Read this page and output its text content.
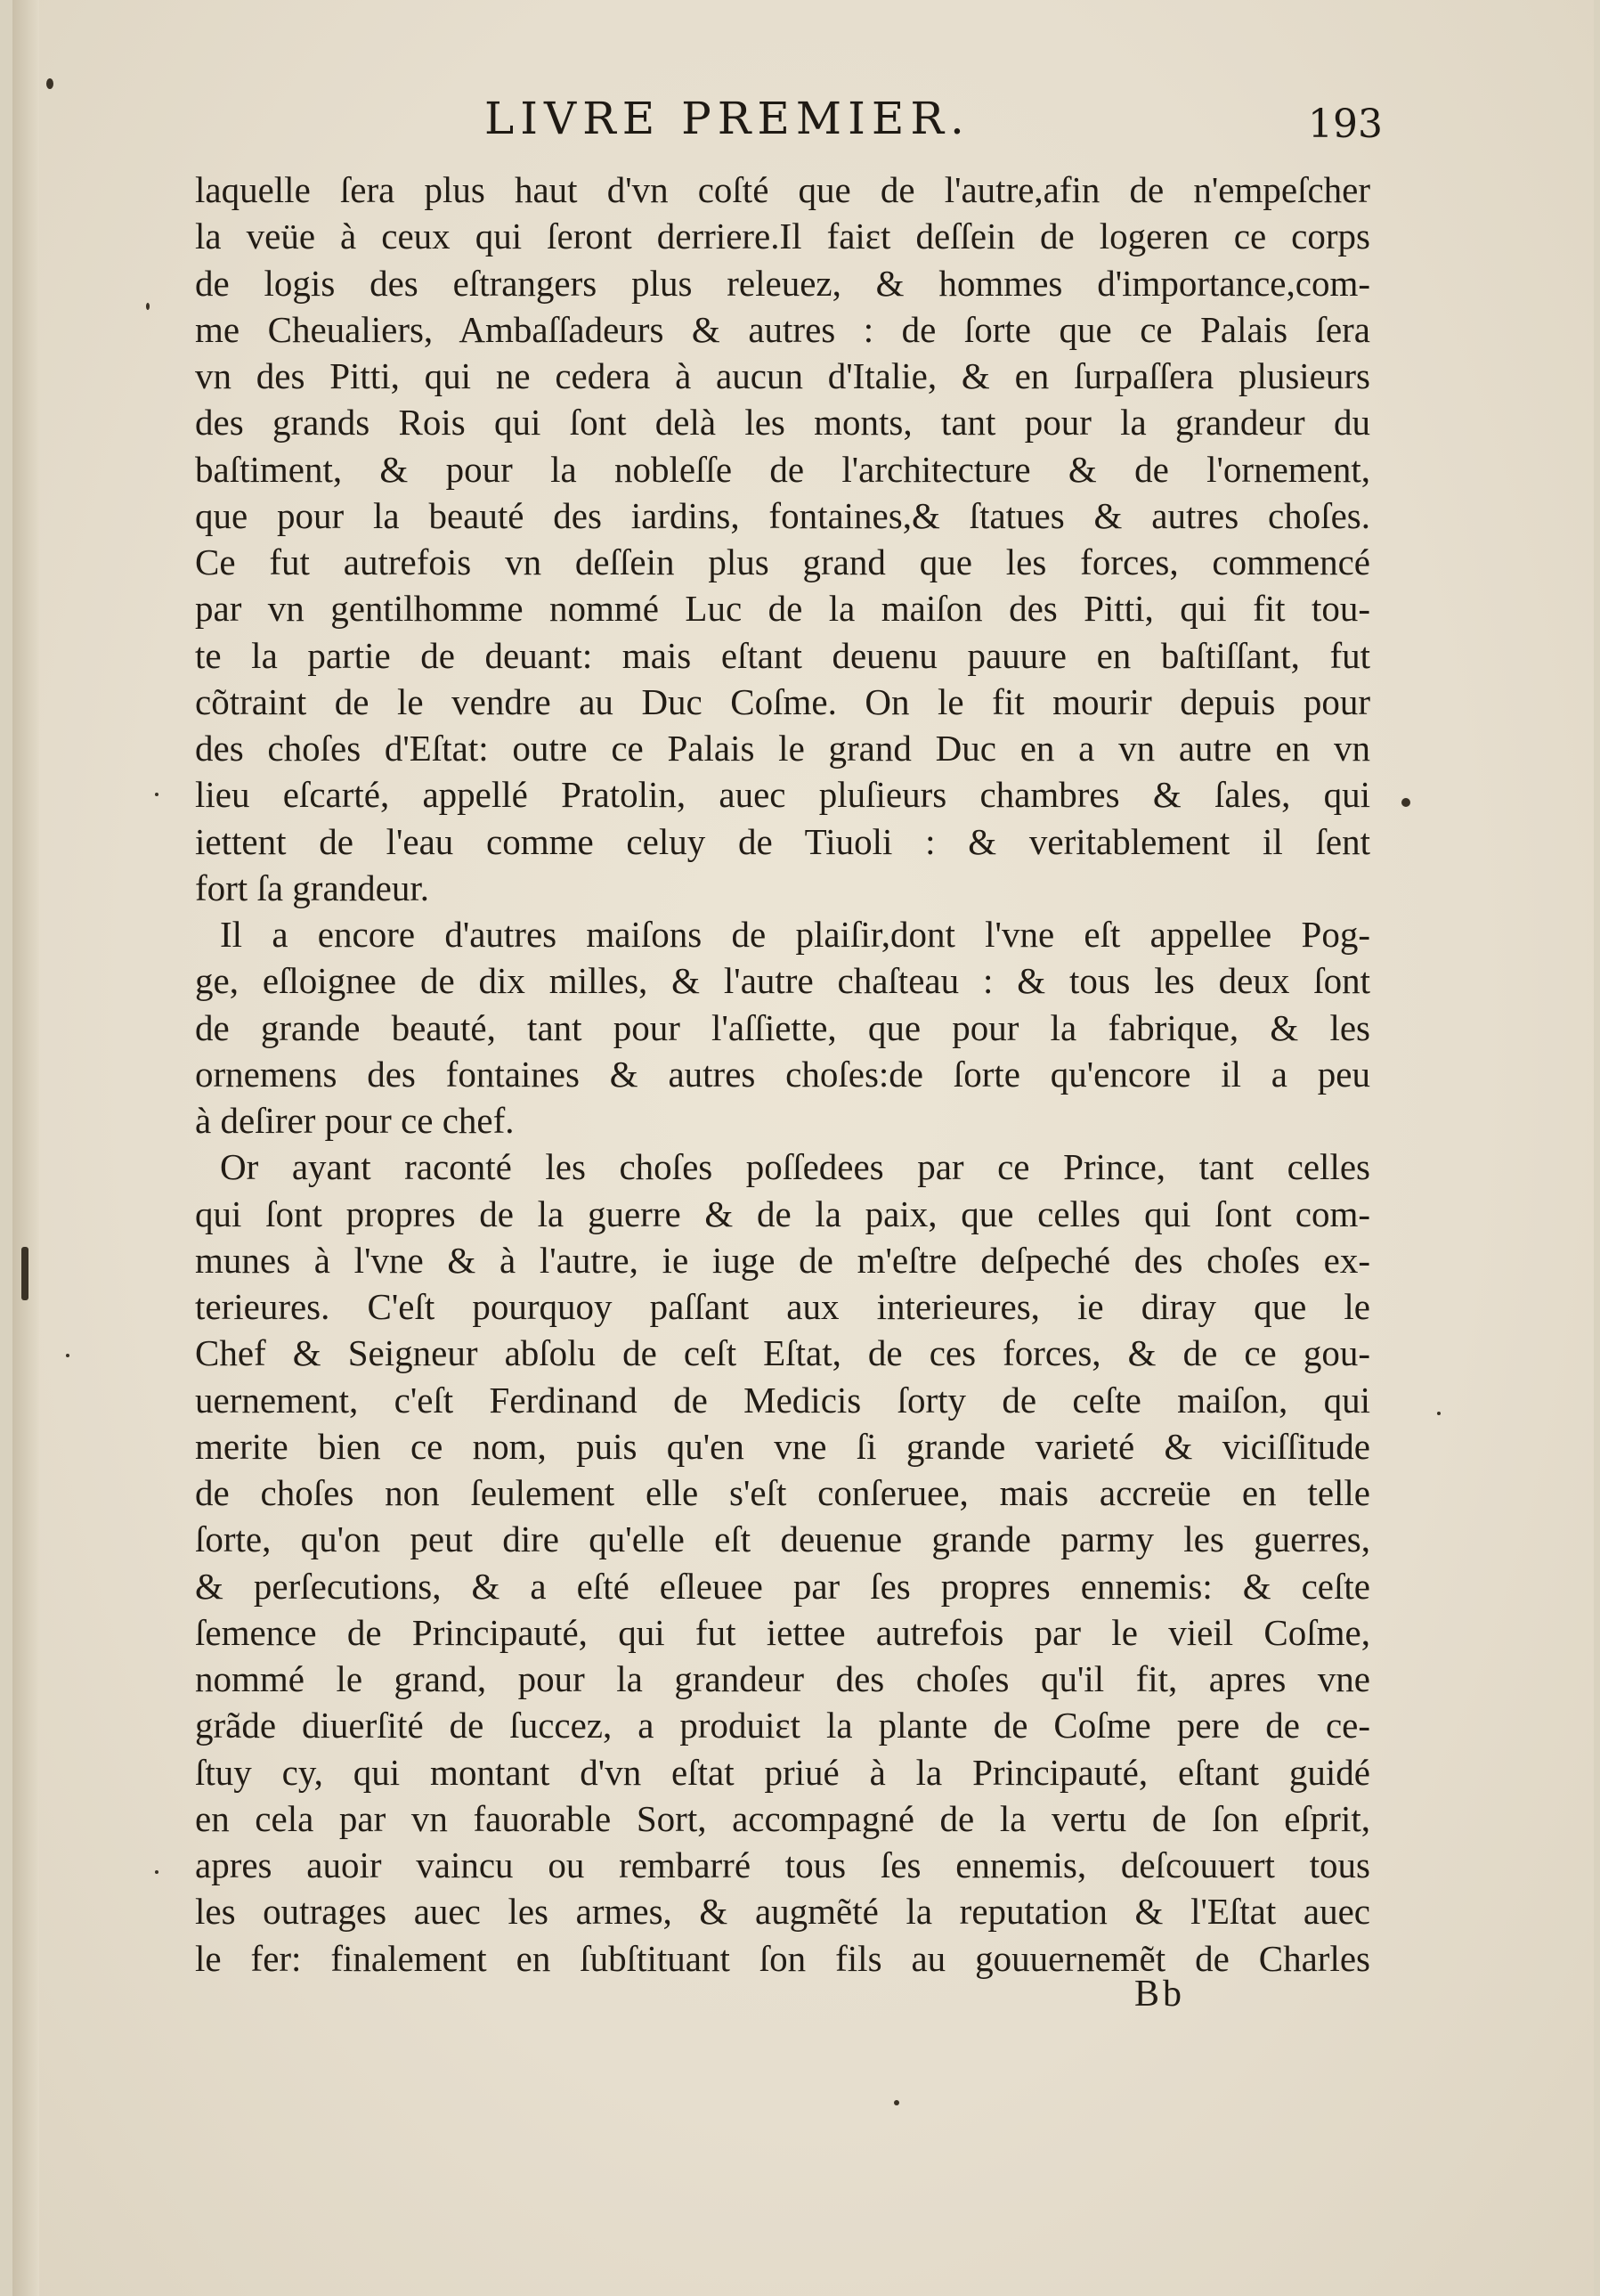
LIVRE PREMIER.	193
laquelle ſera plus haut d'vn coſté que de l'autre,afin de n'empeſcher
la veüe à ceux qui ſeront derriere.Il faiɛt deſſein de logeren ce corps
de logis des eſtrangers plus releuez, & hommes d'importance,com-
me Cheualiers, Ambaſſadeurs & autres : de ſorte que ce Palais ſera
vn des Pitti, qui ne cedera à aucun d'Italie, & en ſurpaſſera plusieurs
des grands Rois qui ſont delà les monts, tant pour la grandeur du
baſtiment, & pour la nobleſſe de l'architecture & de l'ornement,
que pour la beauté des iardins, fontaines,& ſtatues & autres choſes.
Ce fut autrefois vn deſſein plus grand que les forces, commencé
par vn gentilhomme nommé Luc de la maiſon des Pitti, qui fit tou-
te la partie de deuant: mais eſtant deuenu pauure en baſtiſſant, fut
cõtraint de le vendre au Duc Coſme. On le fit mourir depuis pour
des choſes d'Eſtat: outre ce Palais le grand Duc en a vn autre en vn
lieu eſcarté, appellé Pratolin, auec pluſieurs chambres & ſales, qui
iettent de l'eau comme celuy de Tiuoli : & veritablement il ſent
fort ſa grandeur.
Il a encore d'autres maiſons de plaiſir,dont l'vne eſt appellee Pog-
ge, eſloignee de dix milles, & l'autre chaſteau : & tous les deux ſont
de grande beauté, tant pour l'aſſiette, que pour la fabrique, & les
ornemens des fontaines & autres choſes:de ſorte qu'encore il a peu
à deſirer pour ce chef.
Or ayant raconté les choſes poſſedees par ce Prince, tant celles
qui ſont propres de la guerre & de la paix, que celles qui ſont com-
munes à l'vne & à l'autre, ie iuge de m'eſtre deſpeché des choſes ex-
terieures. C'eſt pourquoy paſſant aux interieures, ie diray que le
Chef & Seigneur abſolu de ceſt Eſtat, de ces forces, & de ce gou-
uernement, c'eſt Ferdinand de Medicis ſorty de ceſte maiſon, qui
merite bien ce nom, puis qu'en vne ſi grande varieté & viciſſitude
de choſes non ſeulement elle s'eſt conſeruee, mais accreüe en telle
ſorte, qu'on peut dire qu'elle eſt deuenue grande parmy les guerres,
& perſecutions, & a eſté eſleuee par ſes propres ennemis: & ceſte
ſemence de Principauté, qui fut iettee autrefois par le vieil Coſme,
nommé le grand, pour la grandeur des choſes qu'il fit, apres vne
grãde diuerſité de ſuccez, a produiɛt la plante de Coſme pere de ce-
ſtuy cy, qui montant d'vn eſtat priué à la Principauté, eſtant guidé
en cela par vn fauorable Sort, accompagné de la vertu de ſon eſprit,
apres auoir vaincu ou rembarré tous ſes ennemis, deſcouuert tous
les outrages auec les armes, & augmẽté la reputation & l'Eſtat auec
le fer: finalement en ſubſtituant ſon fils au gouuernemẽt de Charles
Bb
